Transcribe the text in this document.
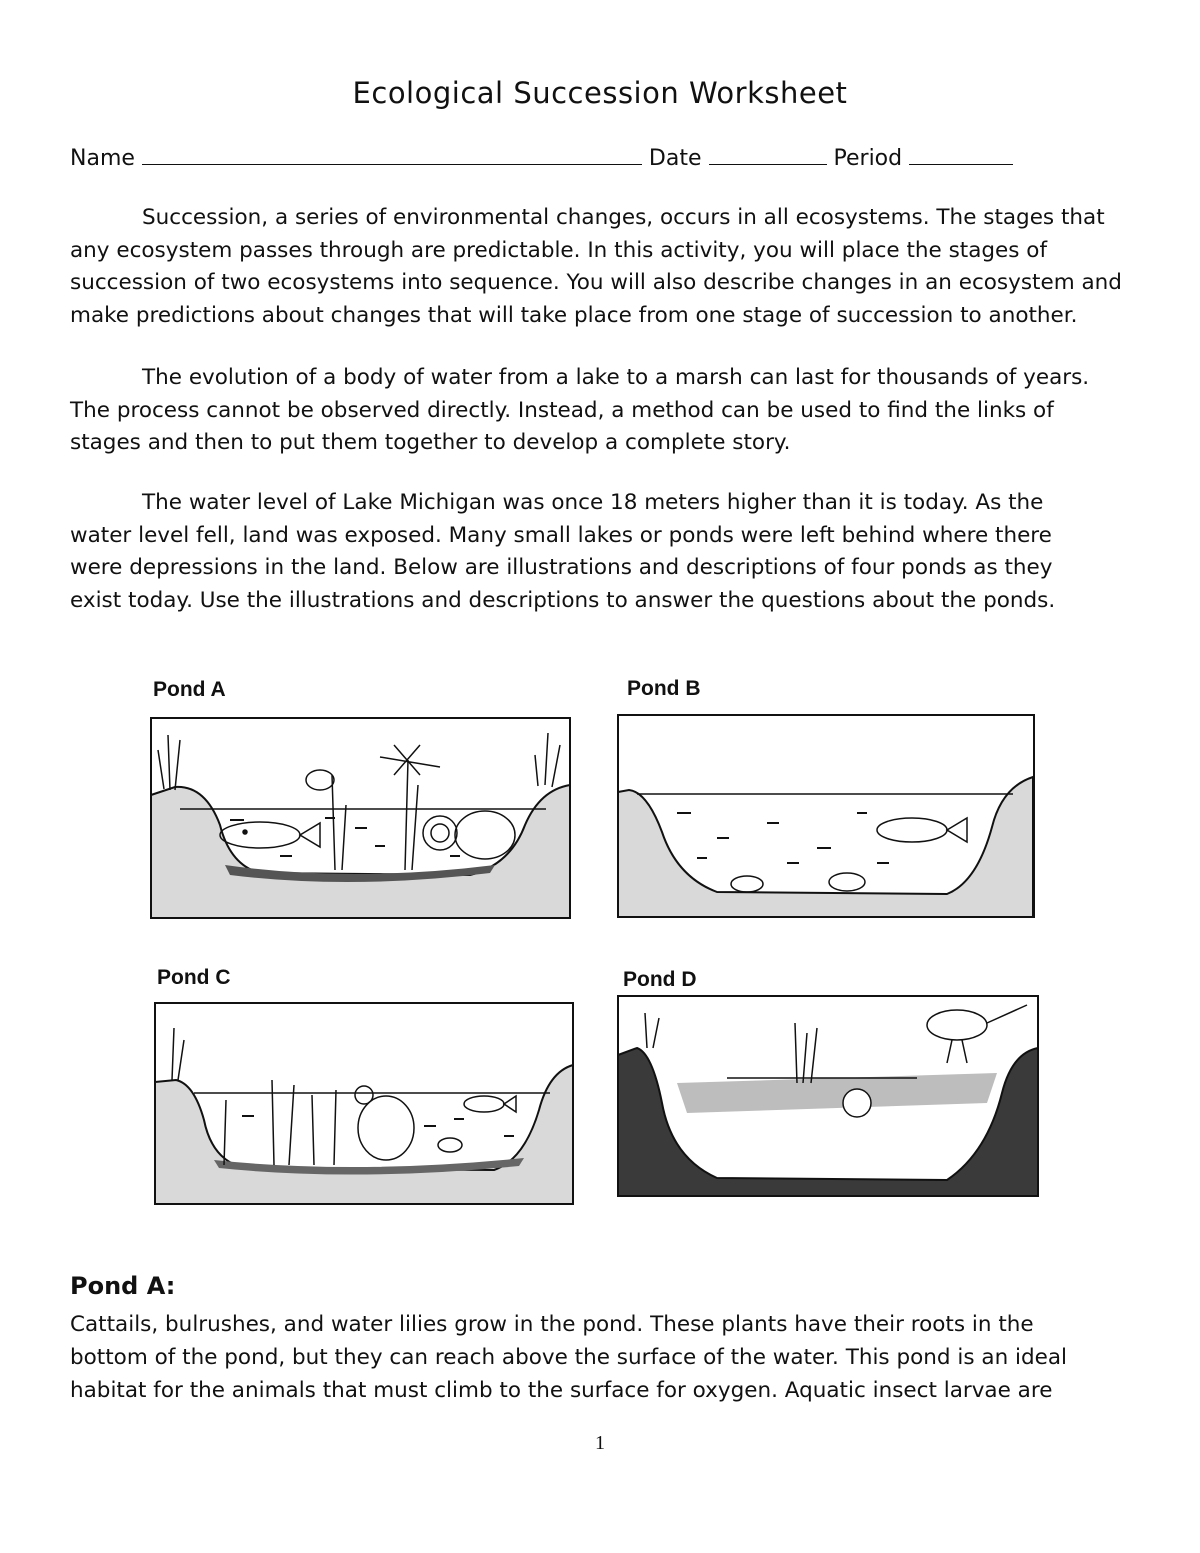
Ecological Succession Worksheet
Name	Date	Period
Succession, a series of environmental changes, occurs in all ecosystems. The stages that
any ecosystem passes through are predictable. In this activity, you will place the stages of
succession of two ecosystems into sequence. You will also describe changes in an ecosystem and
make predictions about changes that will take place from one stage of succession to another.
The evolution of a body of water from a lake to a marsh can last for thousands of years.
The process cannot be observed directly. Instead, a method can be used to find the links of
stages and then to put them together to develop a complete story.
The water level of Lake Michigan was once 18 meters higher than it is today. As the
water level fell, land was exposed. Many small lakes or ponds were left behind where there
were depressions in the land. Below are illustrations and descriptions of four ponds as they
exist today. Use the illustrations and descriptions to answer the questions about the ponds.
Pond A	Pond B
Pond C	Pond D
Pond A:
Cattails, bulrushes, and water lilies grow in the pond. These plants have their roots in the
bottom of the pond, but they can reach above the surface of the water. This pond is an ideal
habitat for the animals that must climb to the surface for oxygen. Aquatic insect larvae are
1
